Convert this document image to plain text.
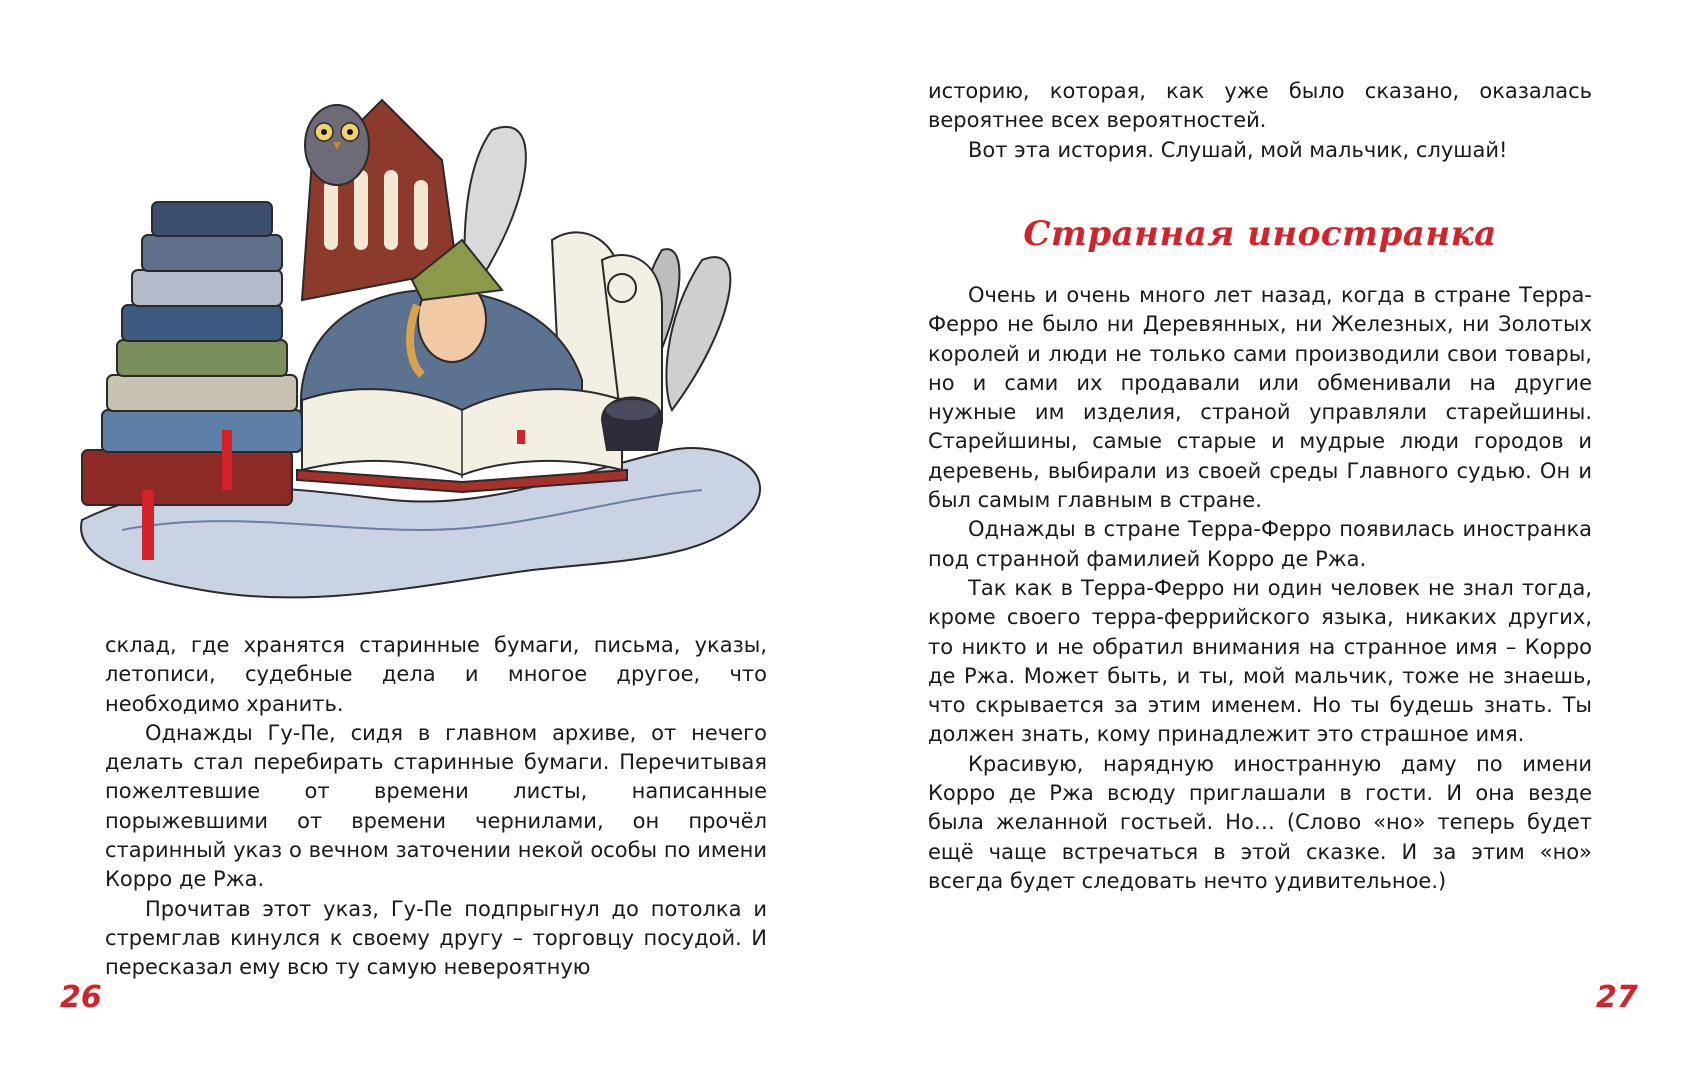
склад, где хранятся старинные бумаги, письма, указы, летописи, судебные дела и многое другое, что необходимо хранить.

Однажды Гу-Пе, сидя в главном архиве, от нечего делать стал перебирать старинные бумаги. Перечитывая пожелтевшие от времени листы, написанные порыжевшими от времени чернилами, он прочёл старинный указ о вечном заточении некой особы по имени Корро де Ржа.

Прочитав этот указ, Гу-Пе подпрыгнул до потолка и стремглав кинулся к своему другу – торговцу посудой. И пересказал ему всю ту самую невероятную

26

историю, которая, как уже было сказано, оказалась вероятнее всех вероятностей.

Вот эта история. Слушай, мой мальчик, слушай!

Странная иностранка

Очень и очень много лет назад, когда в стране Терра-Ферро не было ни Деревянных, ни Железных, ни Золотых королей и люди не только сами производили свои товары, но и сами их продавали или обменивали на другие нужные им изделия, страной управляли старейшины. Старейшины, самые старые и мудрые люди городов и деревень, выбирали из своей среды Главного судью. Он и был самым главным в стране.

Однажды в стране Терра-Ферро появилась иностранка под странной фамилией Корро де Ржа.

Так как в Терра-Ферро ни один человек не знал тогда, кроме своего терра-феррийского языка, никаких других, то никто и не обратил внимания на странное имя – Корро де Ржа. Может быть, и ты, мой мальчик, тоже не знаешь, что скрывается за этим именем. Но ты будешь знать. Ты должен знать, кому принадлежит это страшное имя.

Красивую, нарядную иностранную даму по имени Корро де Ржа всюду приглашали в гости. И она везде была желанной гостьей. Но… (Слово «но» теперь будет ещё чаще встречаться в этой сказке. И за этим «но» всегда будет следовать нечто удивительное.)

27
